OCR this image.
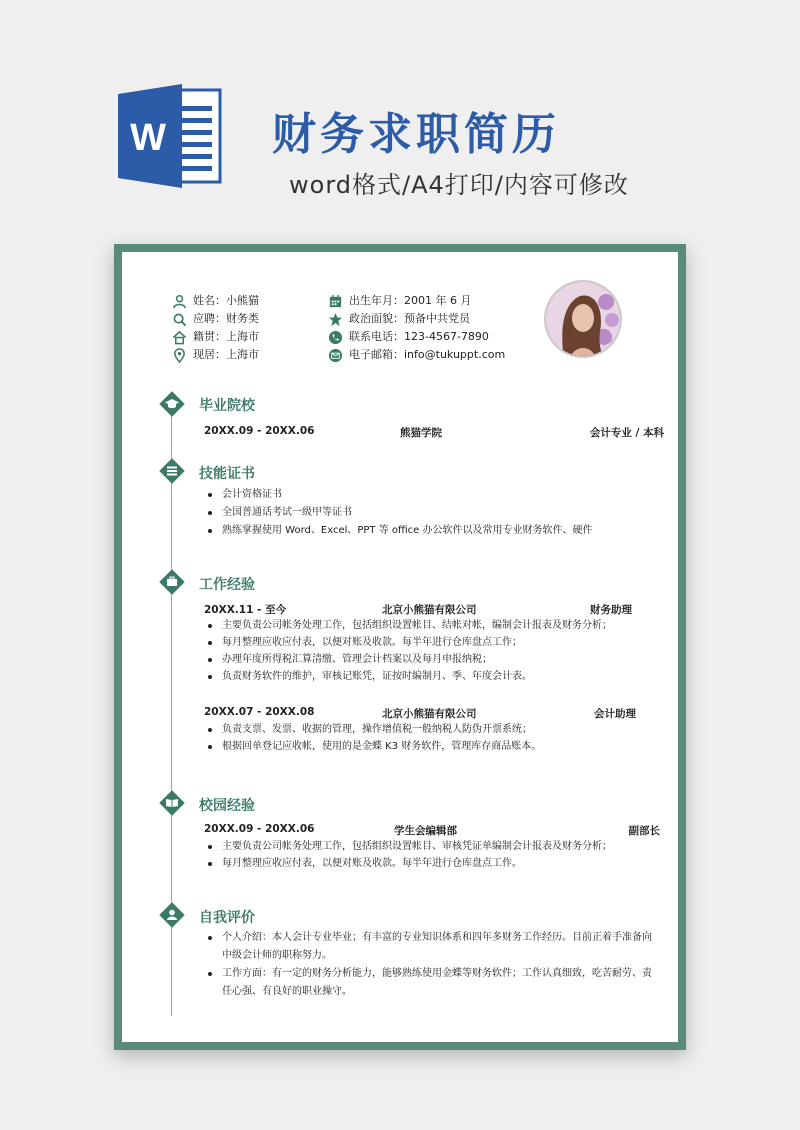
W 财务求职简历
word格式/A4打印/内容可修改
姓名：小熊猫
应聘：财务类
籍贯：上海市
现居：上海市
出生年月：2001 年 6 月
政治面貌：预备中共党员
联系电话：123-4567-7890
电子邮箱：info@tukuppt.com
毕业院校
20XX.09 - 20XX.06	熊猫学院	会计专业 / 本科
技能证书
会计资格证书
全国普通话考试一级甲等证书
熟练掌握使用 Word、Excel、PPT 等 office 办公软件以及常用专业财务软件、硬件
工作经验
20XX.11 - 至今	北京小熊猫有限公司	财务助理
主要负责公司帐务处理工作，包括组织设置帐目、结帐对帐，编制会计报表及财务分析；
每月整理应收应付表，以便对账及收款。每半年进行仓库盘点工作；
办理年度所得税汇算清缴、管理会计档案以及每月申报纳税；
负责财务软件的维护，审核记账凭，证按时编制月、季、年度会计表。
20XX.07 - 20XX.08	北京小熊猫有限公司	会计助理
负责支票、发票、收据的管理，操作增值税一般纳税人防伪开票系统；
根据回单登记应收帐，使用的是金蝶 K3 财务软件，管理库存商品账本。
校园经验
20XX.09 - 20XX.06	学生会编辑部	副部长
主要负责公司帐务处理工作，包括组织设置帐目、审核凭证单编制会计报表及财务分析；
每月整理应收应付表，以便对账及收款。每半年进行仓库盘点工作。
自我评价
个人介绍：本人会计专业毕业；有丰富的专业知识体系和四年多财务工作经历。目前正着手准备向中级会计师的职称努力。
工作方面：有一定的财务分析能力，能够熟练使用金蝶等财务软件；工作认真细致，吃苦耐劳、责任心强、有良好的职业操守。
